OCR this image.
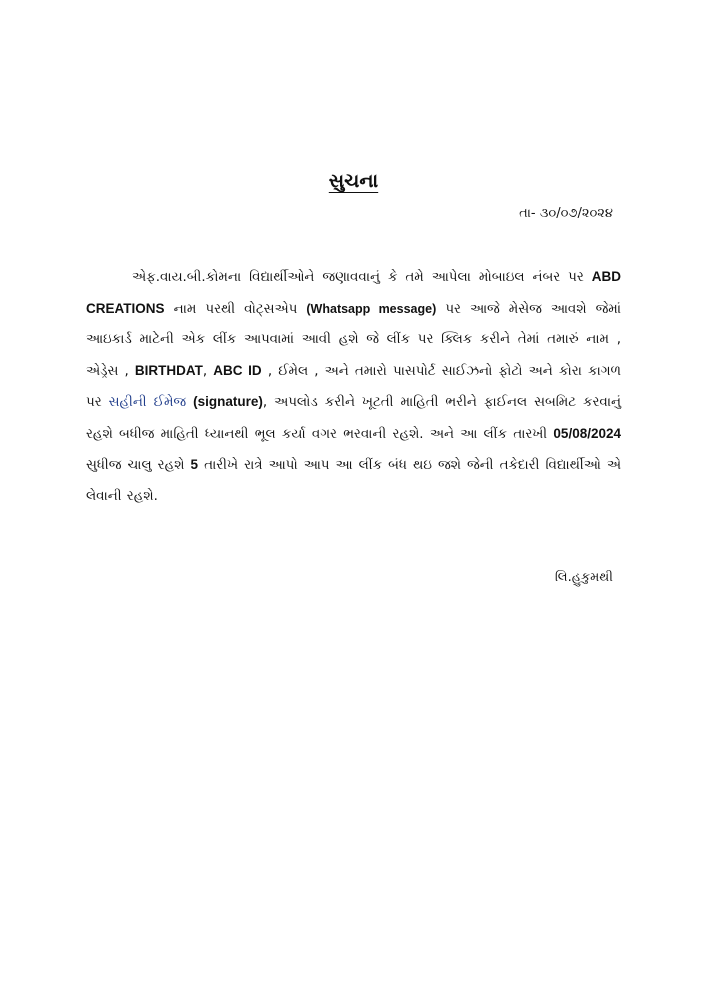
સુચના
તા- ૩૦/૦૭/૨૦૨૪
એફ.વાય.બી.કોમના વિદ્યાર્થીઓને જણાવવાનું કે તમે આપેલા મોબાઇલ નંબર પર ABD CREATIONS નામ પરથી વોટ્સએપ (Whatsapp message) પર આજે મેસેજ આવશે જેમાં આઇકાર્ડ માટેની એક લીંક આપવામાં આવી હશે જે લીંક પર ક્લિક કરીને તેમાં તમારું નામ , એડ્રેસ , BIRTHDAT, ABC ID , ઈમેલ , અને તમારો પાસપોર્ટ સાઈઝનો ફોટો અને કોરા કાગળ પર સહીની ઈમેજ (signature), અપલોડ કરીને ખૂટતી માહિતી ભરીને ફાઈનલ સબમિટ કરવાનું રહશે બધીજ માહિતી ધ્યાનથી ભૂલ કર્યા વગર ભરવાની રહશે. અને આ લીંક તારખી 05/08/2024 સુધીજ ચાલુ રહશે 5 તારીખે રાત્રે આપો આપ આ લીંક બંધ થઇ જશે જેની તકેદારી વિદ્યાર્થીઓ એ લેવાની રહશે.
લિ.હુકુમથી
